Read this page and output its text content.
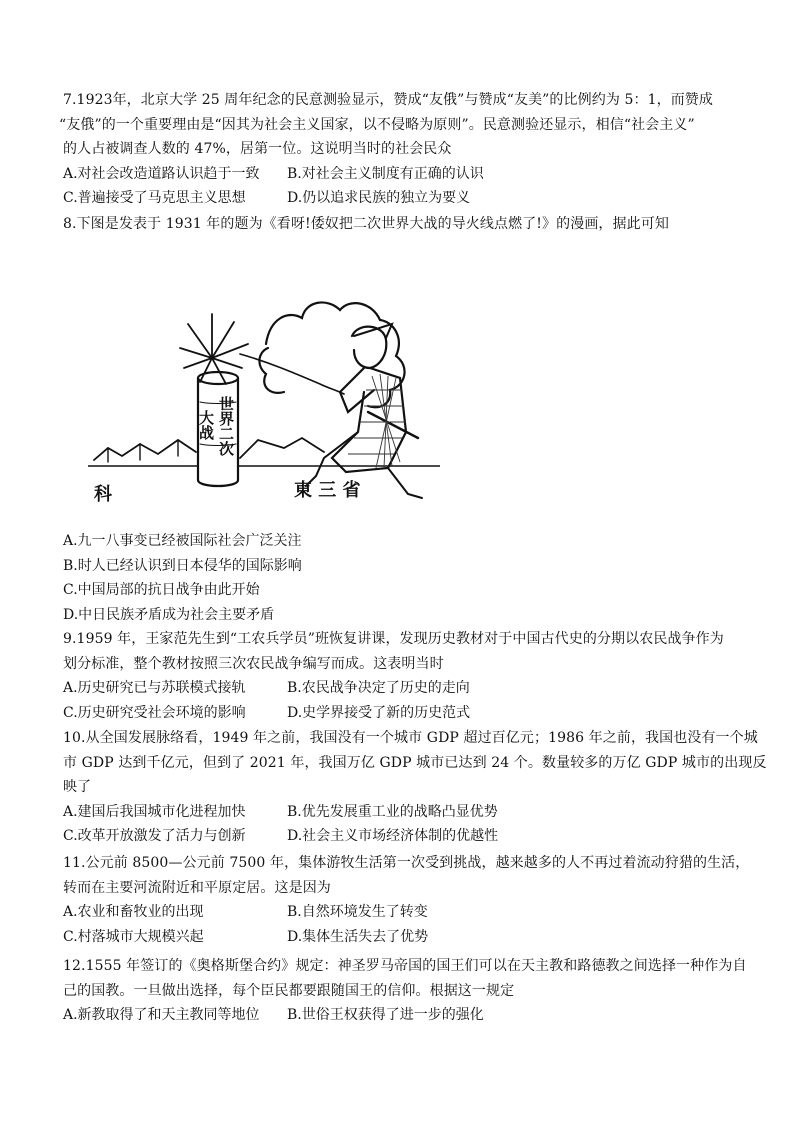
7.1923年，北京大学 25 周年纪念的民意测验显示，赞成“友俄”与赞成“友美”的比例约为 5：1，而赞成
“友俄”的一个重要理由是“因其为社会主义国家，以不侵略为原则”。民意测验还显示，相信“社会主义”
的人占被调查人数的 47%，居第一位。这说明当时的社会民众
A.对社会改造道路认识趋于一致	B.对社会主义制度有正确的认识
C.普遍接受了马克思主义思想	D.仍以追求民族的独立为要义
8.下图是发表于 1931 年的题为《看呀!倭奴把二次世界大战的导火线点燃了!》的漫画，据此可知
大战 世界二次
科	東 三 省
A.九一八事变已经被国际社会广泛关注
B.时人已经认识到日本侵华的国际影响
C.中国局部的抗日战争由此开始
D.中日民族矛盾成为社会主要矛盾
9.1959 年，王家范先生到“工农兵学员”班恢复讲课，发现历史教材对于中国古代史的分期以农民战争作为
划分标准，整个教材按照三次农民战争编写而成。这表明当时
A.历史研究已与苏联模式接轨	B.农民战争决定了历史的走向
C.历史研究受社会环境的影响	D.史学界接受了新的历史范式
10.从全国发展脉络看，1949 年之前，我国没有一个城市 GDP 超过百亿元；1986 年之前，我国也没有一个城
市 GDP 达到千亿元，但到了 2021 年，我国万亿 GDP 城市已达到 24 个。数量较多的万亿 GDP 城市的出现反
映了
A.建国后我国城市化进程加快	B.优先发展重工业的战略凸显优势
C.改革开放激发了活力与创新	D.社会主义市场经济体制的优越性
11.公元前 8500—公元前 7500 年，集体游牧生活第一次受到挑战，越来越多的人不再过着流动狩猎的生活，
转而在主要河流附近和平原定居。这是因为
A.农业和畜牧业的出现	B.自然环境发生了转变
C.村落城市大规模兴起	D.集体生活失去了优势
12.1555 年签订的《奥格斯堡合约》规定：神圣罗马帝国的国王们可以在天主教和路德教之间选择一种作为自
己的国教。一旦做出选择，每个臣民都要跟随国王的信仰。根据这一规定
A.新教取得了和天主教同等地位	B.世俗王权获得了进一步的强化
